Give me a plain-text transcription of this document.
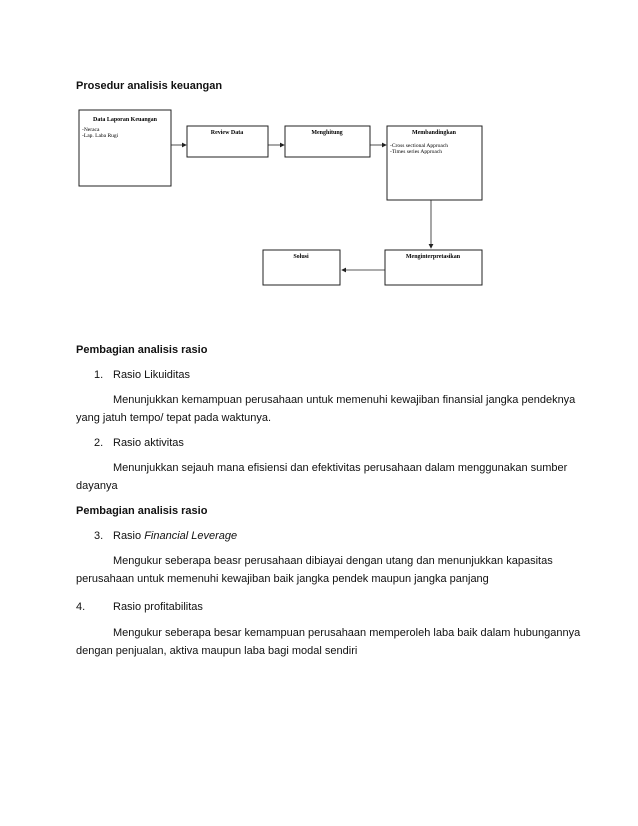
Prosedur analisis keuangan
Data Laporan Keuangan
-Neraca
-Lap. Laba Rugi	Review Data	Menghitung	Membandingkan
-Cross sectional Approach
-Times series Approach
Menginterpretasikan
Solusi
Pembagian analisis rasio
1. Rasio Likuiditas
Menunjukkan kemampuan perusahaan untuk memenuhi kewajiban finansial jangka pendeknya
yang jatuh tempo/ tepat pada waktunya.
2. Rasio aktivitas
Menunjukkan sejauh mana efisiensi dan efektivitas perusahaan dalam menggunakan sumber
dayanya
Pembagian analisis rasio
3. Rasio Financial Leverage
Mengukur seberapa beasr perusahaan dibiayai dengan utang dan menunjukkan kapasitas
perusahaan untuk memenuhi kewajiban baik jangka pendek maupun jangka panjang
4.	Rasio profitabilitas
Mengukur seberapa besar kemampuan perusahaan memperoleh laba baik dalam hubungannya
dengan penjualan, aktiva maupun laba bagi modal sendiri
